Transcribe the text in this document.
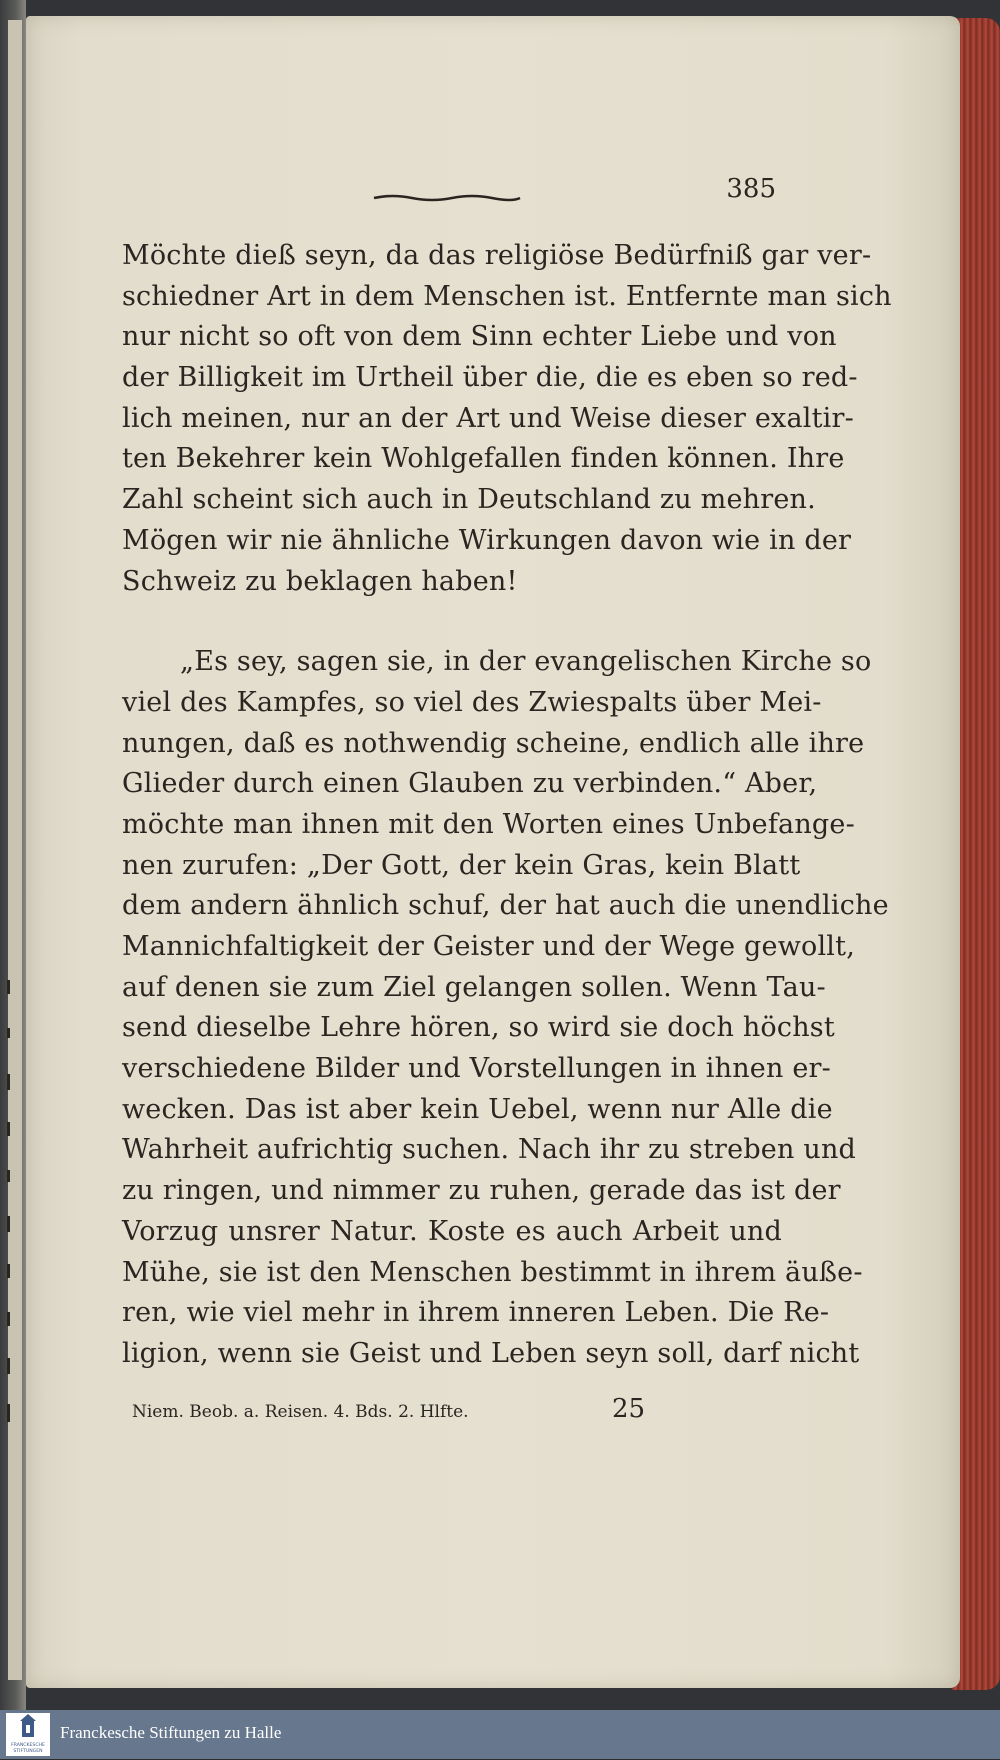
385
Möchte dieß seyn, da das religiöse Bedürfniß gar ver-
schiedner Art in dem Menschen ist. Entfernte man sich
nur nicht so oft von dem Sinn echter Liebe und von
der Billigkeit im Urtheil über die, die es eben so red-
lich meinen, nur an der Art und Weise dieser exaltir-
ten Bekehrer kein Wohlgefallen finden können. Ihre
Zahl scheint sich auch in Deutschland zu mehren.
Mögen wir nie ähnliche Wirkungen davon wie in der
Schweiz zu beklagen haben!
„Es sey, sagen sie, in der evangelischen Kirche so
viel des Kampfes, so viel des Zwiespalts über Mei-
nungen, daß es nothwendig scheine, endlich alle ihre
Glieder durch einen Glauben zu verbinden.“ Aber,
möchte man ihnen mit den Worten eines Unbefange-
nen zurufen: „Der Gott, der kein Gras, kein Blatt
dem andern ähnlich schuf, der hat auch die unendliche
Mannichfaltigkeit der Geister und der Wege gewollt,
auf denen sie zum Ziel gelangen sollen. Wenn Tau-
send dieselbe Lehre hören, so wird sie doch höchst
verschiedene Bilder und Vorstellungen in ihnen er-
wecken. Das ist aber kein Uebel, wenn nur Alle die
Wahrheit aufrichtig suchen. Nach ihr zu streben und
zu ringen, und nimmer zu ruhen, gerade das ist der
Vorzug unsrer Natur. Koste es auch Arbeit und
Mühe, sie ist den Menschen bestimmt in ihrem äuße-
ren, wie viel mehr in ihrem inneren Leben. Die Re-
ligion, wenn sie Geist und Leben seyn soll, darf nicht
Niem. Beob. a. Reisen. 4. Bds. 2. Hlfte.	25
FRANCKESCHE
STIFTUNGEN
Franckesche Stiftungen zu Halle
